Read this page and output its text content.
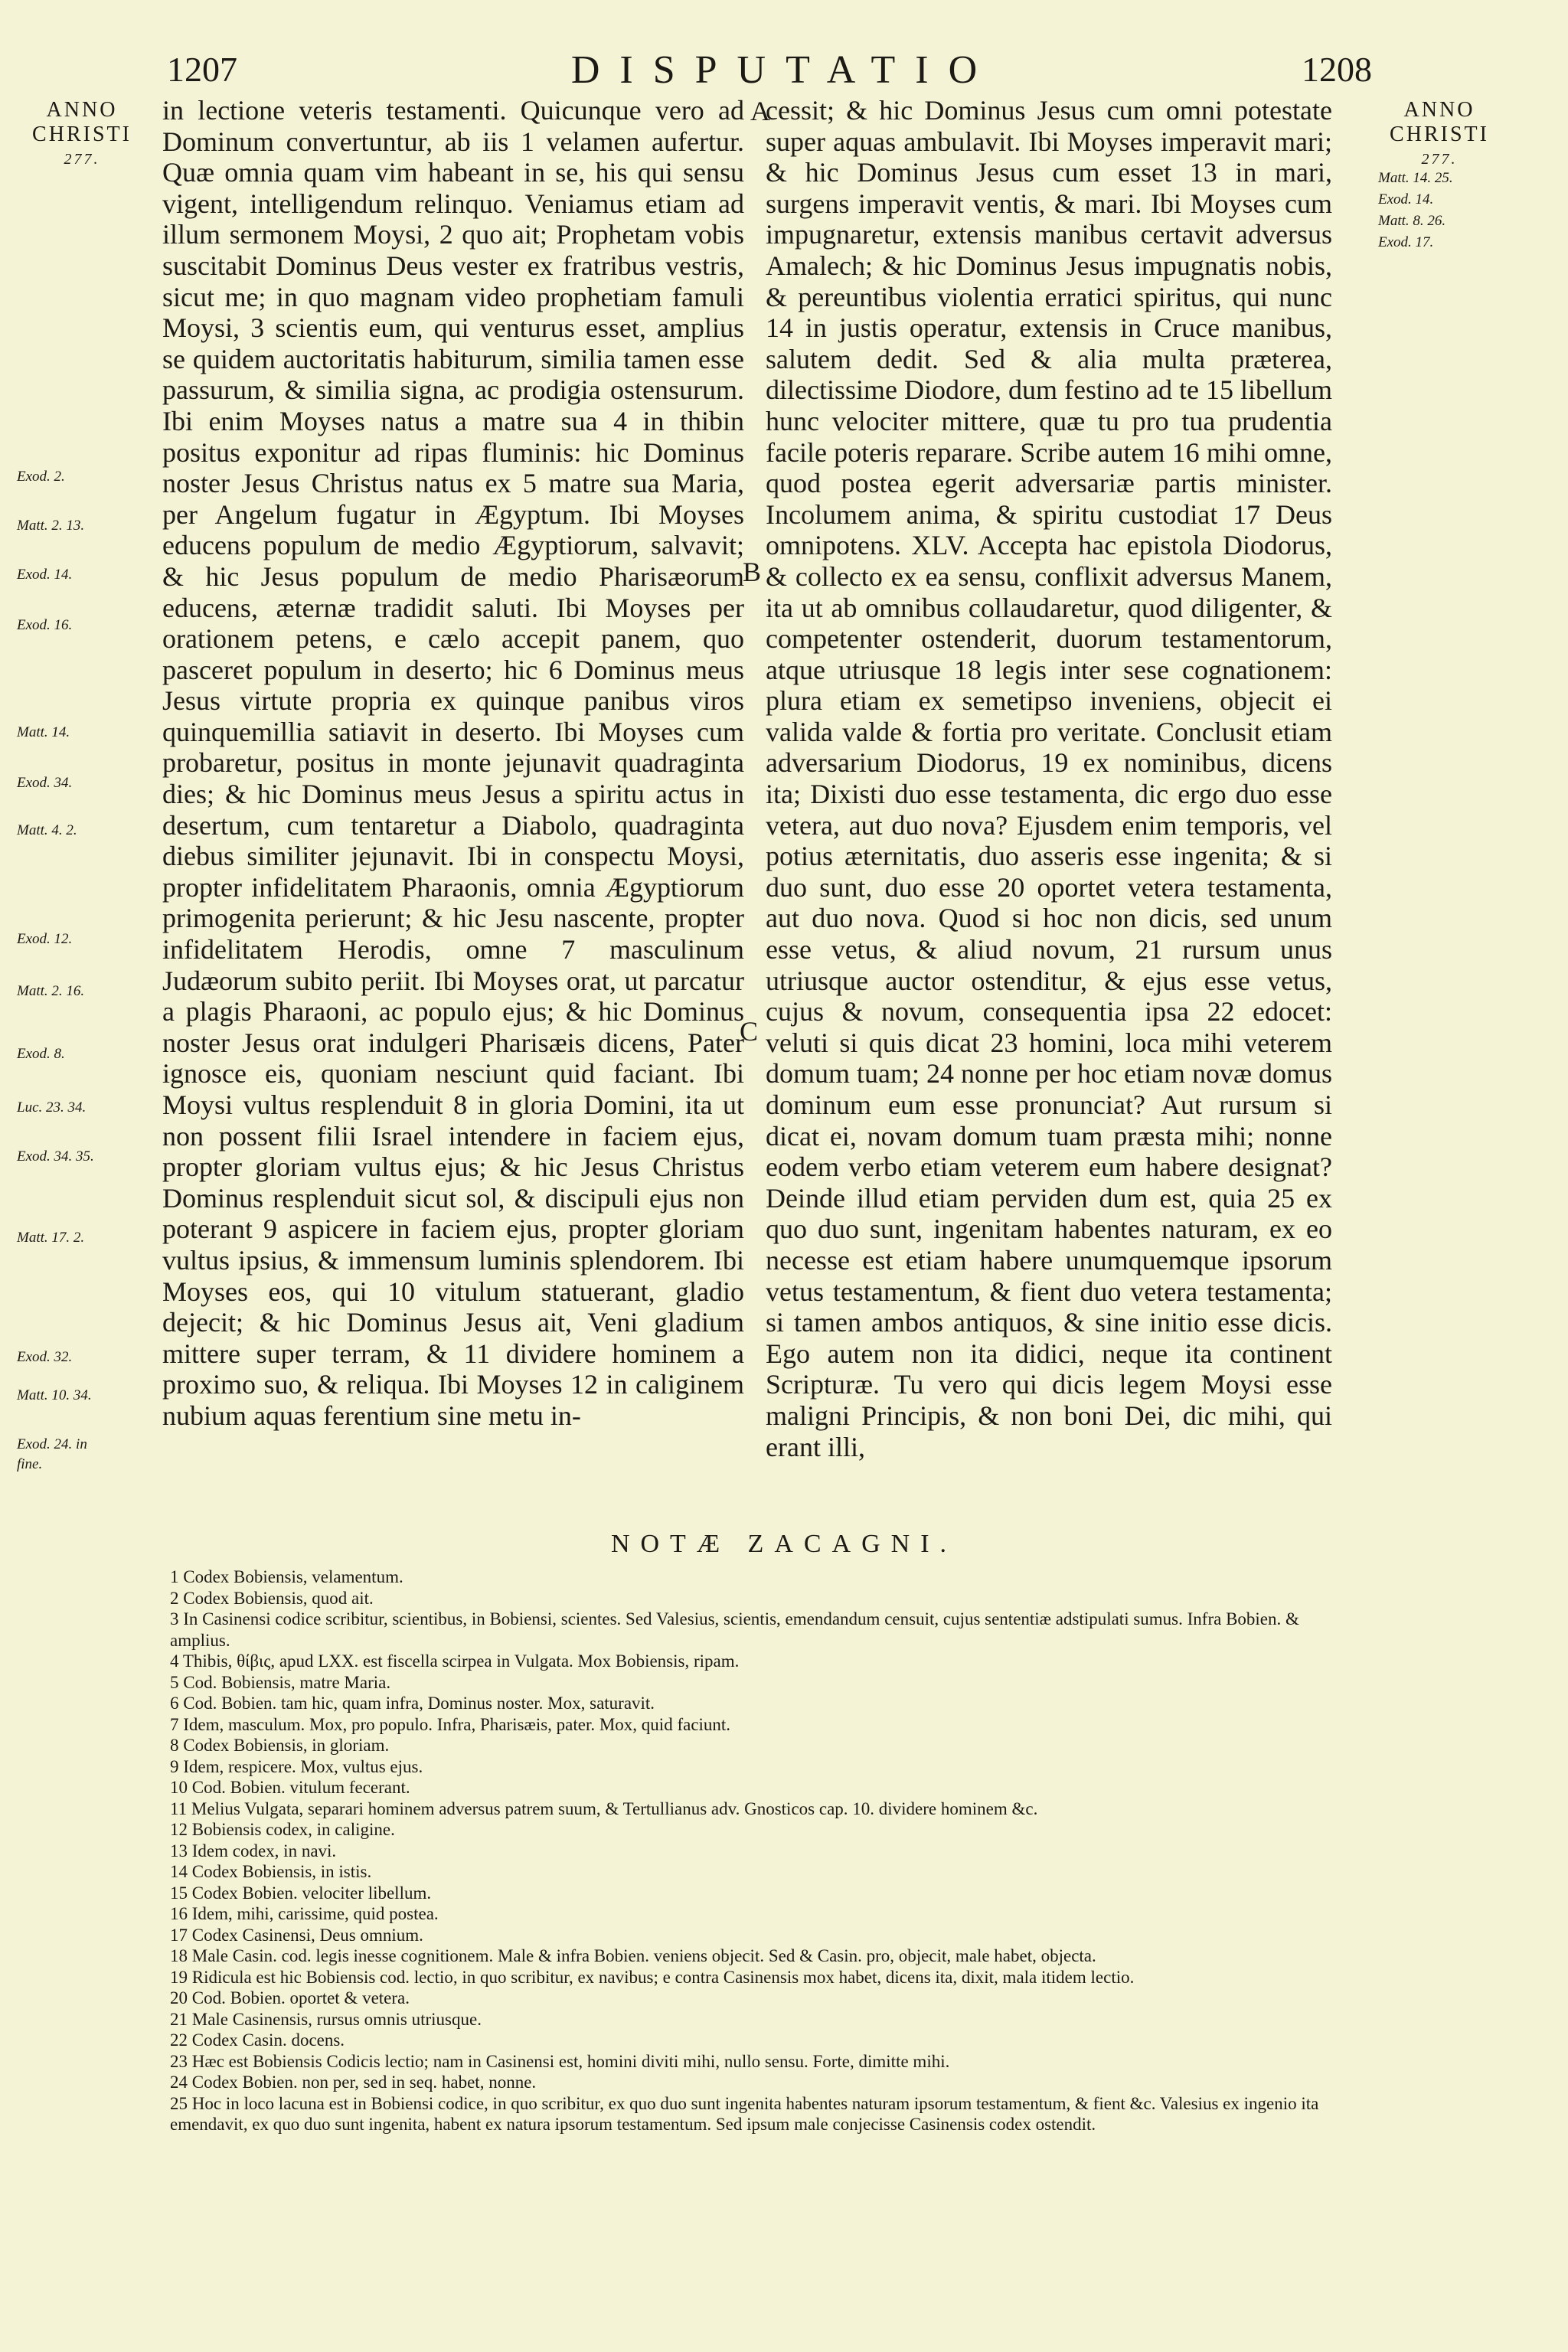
1207	DISPUTATIO	1208
ANNO
CHRISTI
277.
ANNO
CHRISTI
277.
Exod. 2.
Matt. 2. 13.
Exod. 14.
Exod. 16.
Matt. 14.
Exod. 34.
Matt. 4. 2.
Exod. 12.
Matt. 2. 16.
Exod. 8.
Luc. 23. 34.
Exod. 34. 35.
Matt. 17. 2.
Exod. 32.
Matt. 10. 34.
Exod. 24. in
fine.
Matt. 14. 25.
Exod. 14.
Matt. 8. 26.
Exod. 17.
A
B
C
in lectione veteris testamenti. Quicunque vero ad Dominum convertuntur, ab iis 1 velamen aufertur. Quæ omnia quam vim habeant in se, his qui sensu vigent, intelligendum relinquo. Veniamus etiam ad illum sermonem Moysi, 2 quo ait; Prophetam vobis suscitabit Dominus Deus vester ex fratribus vestris, sicut me; in quo magnam video prophetiam famuli Moysi, 3 scientis eum, qui venturus esset, amplius se quidem auctoritatis habiturum, similia tamen esse passurum, & similia signa, ac prodigia ostensurum. Ibi enim Moyses natus a matre sua 4 in thibin positus exponitur ad ripas fluminis: hic Dominus noster Jesus Christus natus ex 5 matre sua Maria, per Angelum fugatur in Ægyptum. Ibi Moyses educens populum de medio Ægyptiorum, salvavit; & hic Jesus populum de medio Pharisæorum educens, æternæ tradidit saluti. Ibi Moyses per orationem petens, e cælo accepit panem, quo pasceret populum in deserto; hic 6 Dominus meus Jesus virtute propria ex quinque panibus viros quinquemillia satiavit in deserto. Ibi Moyses cum probaretur, positus in monte jejunavit quadraginta dies; & hic Dominus meus Jesus a spiritu actus in desertum, cum tentaretur a Diabolo, quadraginta diebus similiter jejunavit. Ibi in conspectu Moysi, propter infidelitatem Pharaonis, omnia Ægyptiorum primogenita perierunt; & hic Jesu nascente, propter infidelitatem Herodis, omne 7 masculinum Judæorum subito periit. Ibi Moyses orat, ut parcatur a plagis Pharaoni, ac populo ejus; & hic Dominus noster Jesus orat indulgeri Pharisæis dicens, Pater ignosce eis, quoniam nesciunt quid faciant. Ibi Moysi vultus resplenduit 8 in gloria Domini, ita ut non possent filii Israel intendere in faciem ejus, propter gloriam vultus ejus; & hic Jesus Christus Dominus resplenduit sicut sol, & discipuli ejus non poterant 9 aspicere in faciem ejus, propter gloriam vultus ipsius, & immensum luminis splendorem. Ibi Moyses eos, qui 10 vitulum statuerant, gladio dejecit; & hic Dominus Jesus ait, Veni gladium mittere super terram, & 11 dividere hominem a proximo suo, & reliqua. Ibi Moyses 12 in caliginem nubium aquas ferentium sine metu in-
cessit; & hic Dominus Jesus cum omni potestate super aquas ambulavit. Ibi Moyses imperavit mari; & hic Dominus Jesus cum esset 13 in mari, surgens imperavit ventis, & mari. Ibi Moyses cum impugnaretur, extensis manibus certavit adversus Amalech; & hic Dominus Jesus impugnatis nobis, & pereuntibus violentia erratici spiritus, qui nunc 14 in justis operatur, extensis in Cruce manibus, salutem dedit. Sed & alia multa præterea, dilectissime Diodore, dum festino ad te 15 libellum hunc velociter mittere, quæ tu pro tua prudentia facile poteris reparare. Scribe autem 16 mihi omne, quod postea egerit adversariæ partis minister. Incolumem anima, & spiritu custodiat 17 Deus omnipotens. XLV. Accepta hac epistola Diodorus, & collecto ex ea sensu, conflixit adversus Manem, ita ut ab omnibus collaudaretur, quod diligenter, & competenter ostenderit, duorum testamentorum, atque utriusque 18 legis inter sese cognationem: plura etiam ex semetipso inveniens, objecit ei valida valde & fortia pro veritate. Conclusit etiam adversarium Diodorus, 19 ex nominibus, dicens ita; Dixisti duo esse testamenta, dic ergo duo esse vetera, aut duo nova? Ejusdem enim temporis, vel potius æternitatis, duo asseris esse ingenita; & si duo sunt, duo esse 20 oportet vetera testamenta, aut duo nova. Quod si hoc non dicis, sed unum esse vetus, & aliud novum, 21 rursum unus utriusque auctor ostenditur, & ejus esse vetus, cujus & novum, consequentia ipsa 22 edocet: veluti si quis dicat 23 homini, loca mihi veterem domum tuam; 24 nonne per hoc etiam novæ domus dominum eum esse pronunciat? Aut rursum si dicat ei, novam domum tuam præsta mihi; nonne eodem verbo etiam veterem eum habere designat? Deinde illud etiam perviden dum est, quia 25 ex quo duo sunt, ingenitam habentes naturam, ex eo necesse est etiam habere unumquemque ipsorum vetus testamentum, & fient duo vetera testamenta; si tamen ambos antiquos, & sine initio esse dicis. Ego autem non ita didici, neque ita continent Scripturæ. Tu vero qui dicis legem Moysi esse maligni Principis, & non boni Dei, dic mihi, qui erant illi,
NOTÆ ZACAGNI.
1 Codex Bobiensis, velamentum.
2 Codex Bobiensis, quod ait.
3 In Casinensi codice scribitur, scientibus, in Bobiensi, scientes. Sed Valesius, scientis, emendandum censuit, cujus sententiæ adstipulati sumus. Infra Bobien. & amplius.
4 Thibis, θίβις, apud LXX. est fiscella scirpea in Vulgata. Mox Bobiensis, ripam.
5 Cod. Bobiensis, matre Maria.
6 Cod. Bobien. tam hic, quam infra, Dominus noster. Mox, saturavit.
7 Idem, masculum. Mox, pro populo. Infra, Pharisæis, pater. Mox, quid faciunt.
8 Codex Bobiensis, in gloriam.
9 Idem, respicere. Mox, vultus ejus.
10 Cod. Bobien. vitulum fecerant.
11 Melius Vulgata, separari hominem adversus patrem suum, & Tertullianus adv. Gnosticos cap. 10. dividere hominem &c.
12 Bobiensis codex, in caligine.
13 Idem codex, in navi.
14 Codex Bobiensis, in istis.
15 Codex Bobien. velociter libellum.
16 Idem, mihi, carissime, quid postea.
17 Codex Casinensi, Deus omnium.
18 Male Casin. cod. legis inesse cognitionem. Male & infra Bobien. veniens objecit. Sed & Casin. pro, objecit, male habet, objecta.
19 Ridicula est hic Bobiensis cod. lectio, in quo scribitur, ex navibus; e contra Casinensis mox habet, dicens ita, dixit, mala itidem lectio.
20 Cod. Bobien. oportet & vetera.
21 Male Casinensis, rursus omnis utriusque.
22 Codex Casin. docens.
23 Hæc est Bobiensis Codicis lectio; nam in Casinensi est, homini diviti mihi, nullo sensu. Forte, dimitte mihi.
24 Codex Bobien. non per, sed in seq. habet, nonne.
25 Hoc in loco lacuna est in Bobiensi codice, in quo scribitur, ex quo duo sunt ingenita habentes naturam ipsorum testamentum, & fient &c. Valesius ex ingenio ita emendavit, ex quo duo sunt ingenita, habent ex natura ipsorum testamentum. Sed ipsum male conjecisse Casinensis codex ostendit.
